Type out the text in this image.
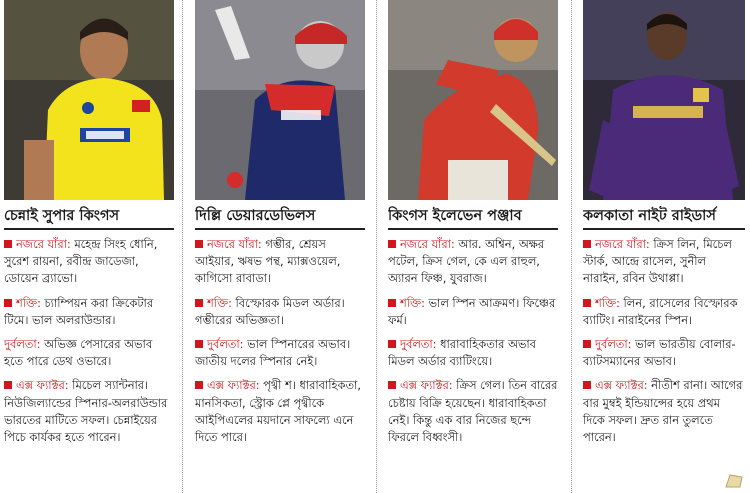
চেন্নাই সুপার কিংগস
নজরে যাঁরা: মহেন্দ্র সিংহ ধোনি, সুরেশ রায়না, রবীন্দ্র জাডেজা, ডোয়েন ব্র্যাভো।
শক্তি: চ্যাম্পিয়ন করা ক্রিকেটার টিমে। ভাল অলরাউন্ডার।
দুর্বলতা: অভিজ্ঞ পেসারের অভাব হতে পারে ডেথ ওভারে।
এক্স ফ্যাক্টর: মিচেল স্যান্টনার। নিউজিল্যান্ডের স্পিনার-অলরাউন্ডার ভারতের মাটিতে সফল। চেন্নাইয়ের পিচে কার্যকর হতে পারেন।
দিল্লি ডেয়ারডেভিলস
নজরে যাঁরা: গম্ভীর, শ্রেয়স আইয়ার, ঋষভ পন্থ, ম্যাক্সওয়েল, কাগিসো রাবাডা।
শক্তি: বিস্ফোরক মিডল অর্ডার। গম্ভীরের অভিজ্ঞতা।
দুর্বলতা: ভাল স্পিনারের অভাব। জাতীয় দলের স্পিনার নেই।
এক্স ফ্যাক্টর: পৃথ্বী শ। ধারাবাহিকতা, মানসিকতা, স্ট্রোক প্লে পৃথ্বীকে আইপিএলের ময়দানে সাফল্যে এনে দিতে পারে।
কিংগস ইলেভেন পঞ্জাব
নজরে যাঁরা: আর. অশ্বিন, অক্ষর পটেল, ক্রিস গেল, কে এল রাহুল, অ্যারন ফিঞ্চ, যুবরাজ।
শক্তি: ভাল স্পিন আক্রমণ। ফিঞ্চের ফর্ম।
দুর্বলতা: ধারাবাহিকতার অভাব মিডল অর্ডার ব্যাটিংয়ে।
এক্স ফ্যাক্টর: ক্রিস গেল। তিন বারের চেষ্টায় বিক্রি হয়েছেন। ধারাবাহিকতা নেই। কিন্তু এক বার নিজের ছন্দে ফিরলে বিধ্বংসী।
কলকাতা নাইট রাইডার্স
নজরে যাঁরা: ক্রিস লিন, মিচেল স্টার্ক, আন্দ্রে রাসেল, সুনীল নারাইন, রবিন উথাপ্পা।
শক্তি: লিন, রাসেলের বিস্ফোরক ব্যাটিং। নারাইনের স্পিন।
দুর্বলতা: ভাল ভারতীয় বোলার-ব্যাটসম্যানের অভাব।
এক্স ফ্যাক্টর: নীতীশ রানা। আগের বার মুম্বই ইন্ডিয়ান্সের হয়ে প্রথম দিকে সফল। দ্রুত রান তুলতে পারেন।
